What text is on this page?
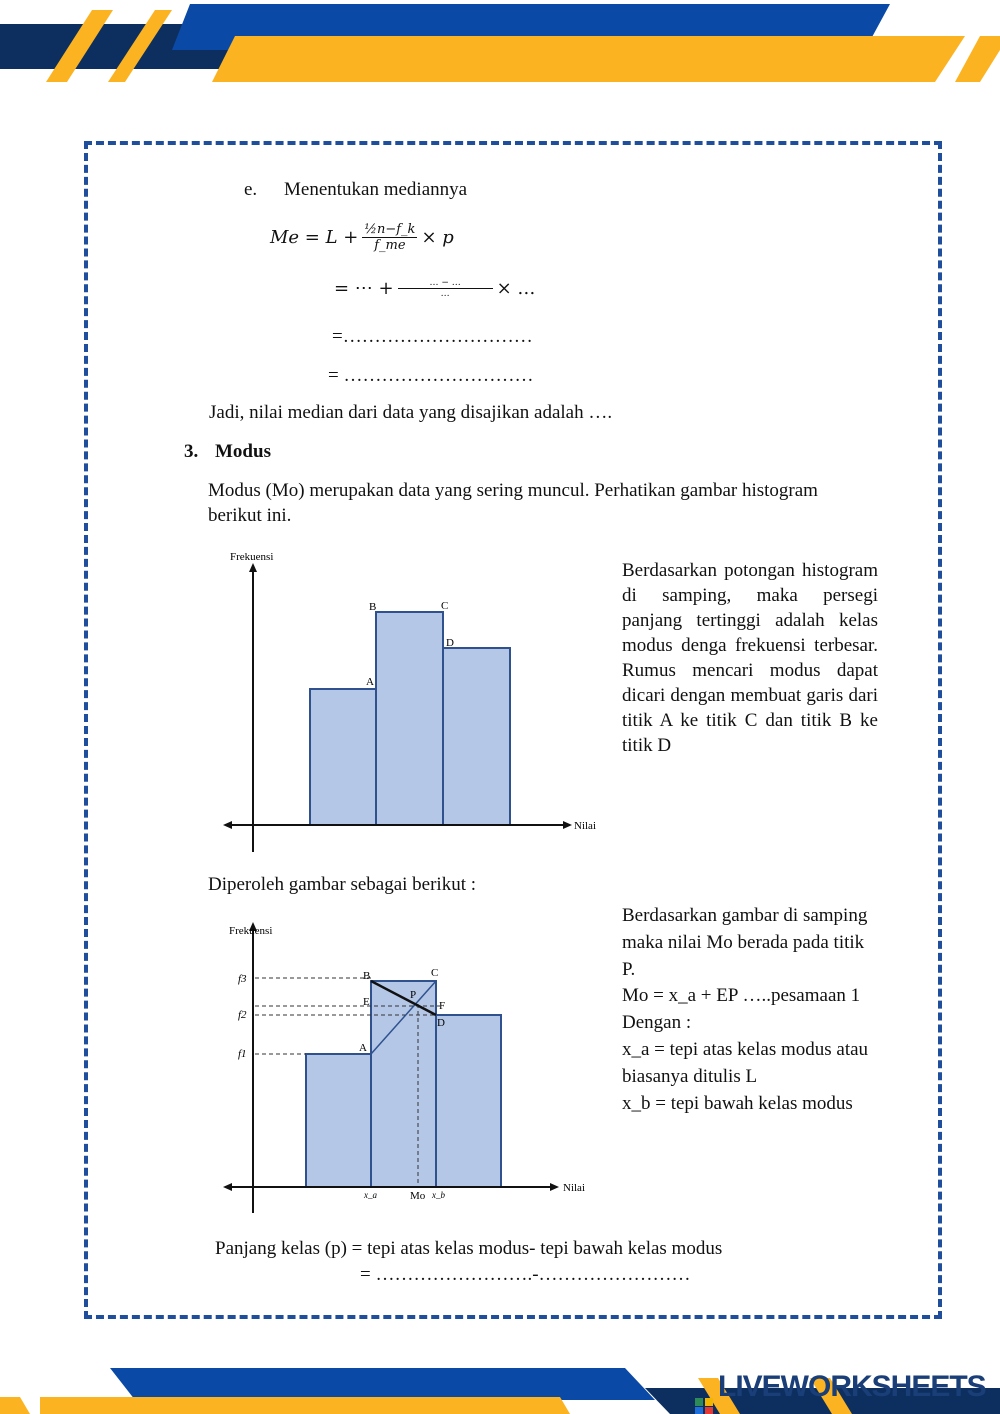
e. Menentukan mediannya
$Me = L + \frac{\text{½n−f\_k}}{f\_me} \times p$
= ⋯ +	… − …
…	× …
=…………………………
= …………………………
Jadi, nilai median dari data yang disajikan adalah ….
3. Modus
Modus (Mo) merupakan data yang sering muncul. Perhatikan gambar histogram berikut ini.
Frekuensi
Nilai
A
B	C
D
Berdasarkan potongan histogram di samping, maka persegi panjang tertinggi adalah kelas modus denga frekuensi terbesar. Rumus mencari modus dapat dicari dengan membuat garis dari titik A ke titik C dan titik B ke titik D
Diperoleh gambar sebagai berikut :
Frekuensi
Nilai
A
B	C
D
E	F
P
f3
f2
f1
x_a	Mo x_b
Berdasarkan gambar di samping maka nilai Mo berada pada titik P.
Mo = x_a + EP …..pesamaan 1
Dengan :
x_a = tepi atas kelas modus atau biasanya ditulis L
x_b = tepi bawah kelas modus
Panjang kelas (p) = tepi atas kelas modus- tepi bawah kelas modus
= …………………….-……………………
LIVEWORKSHEETS
